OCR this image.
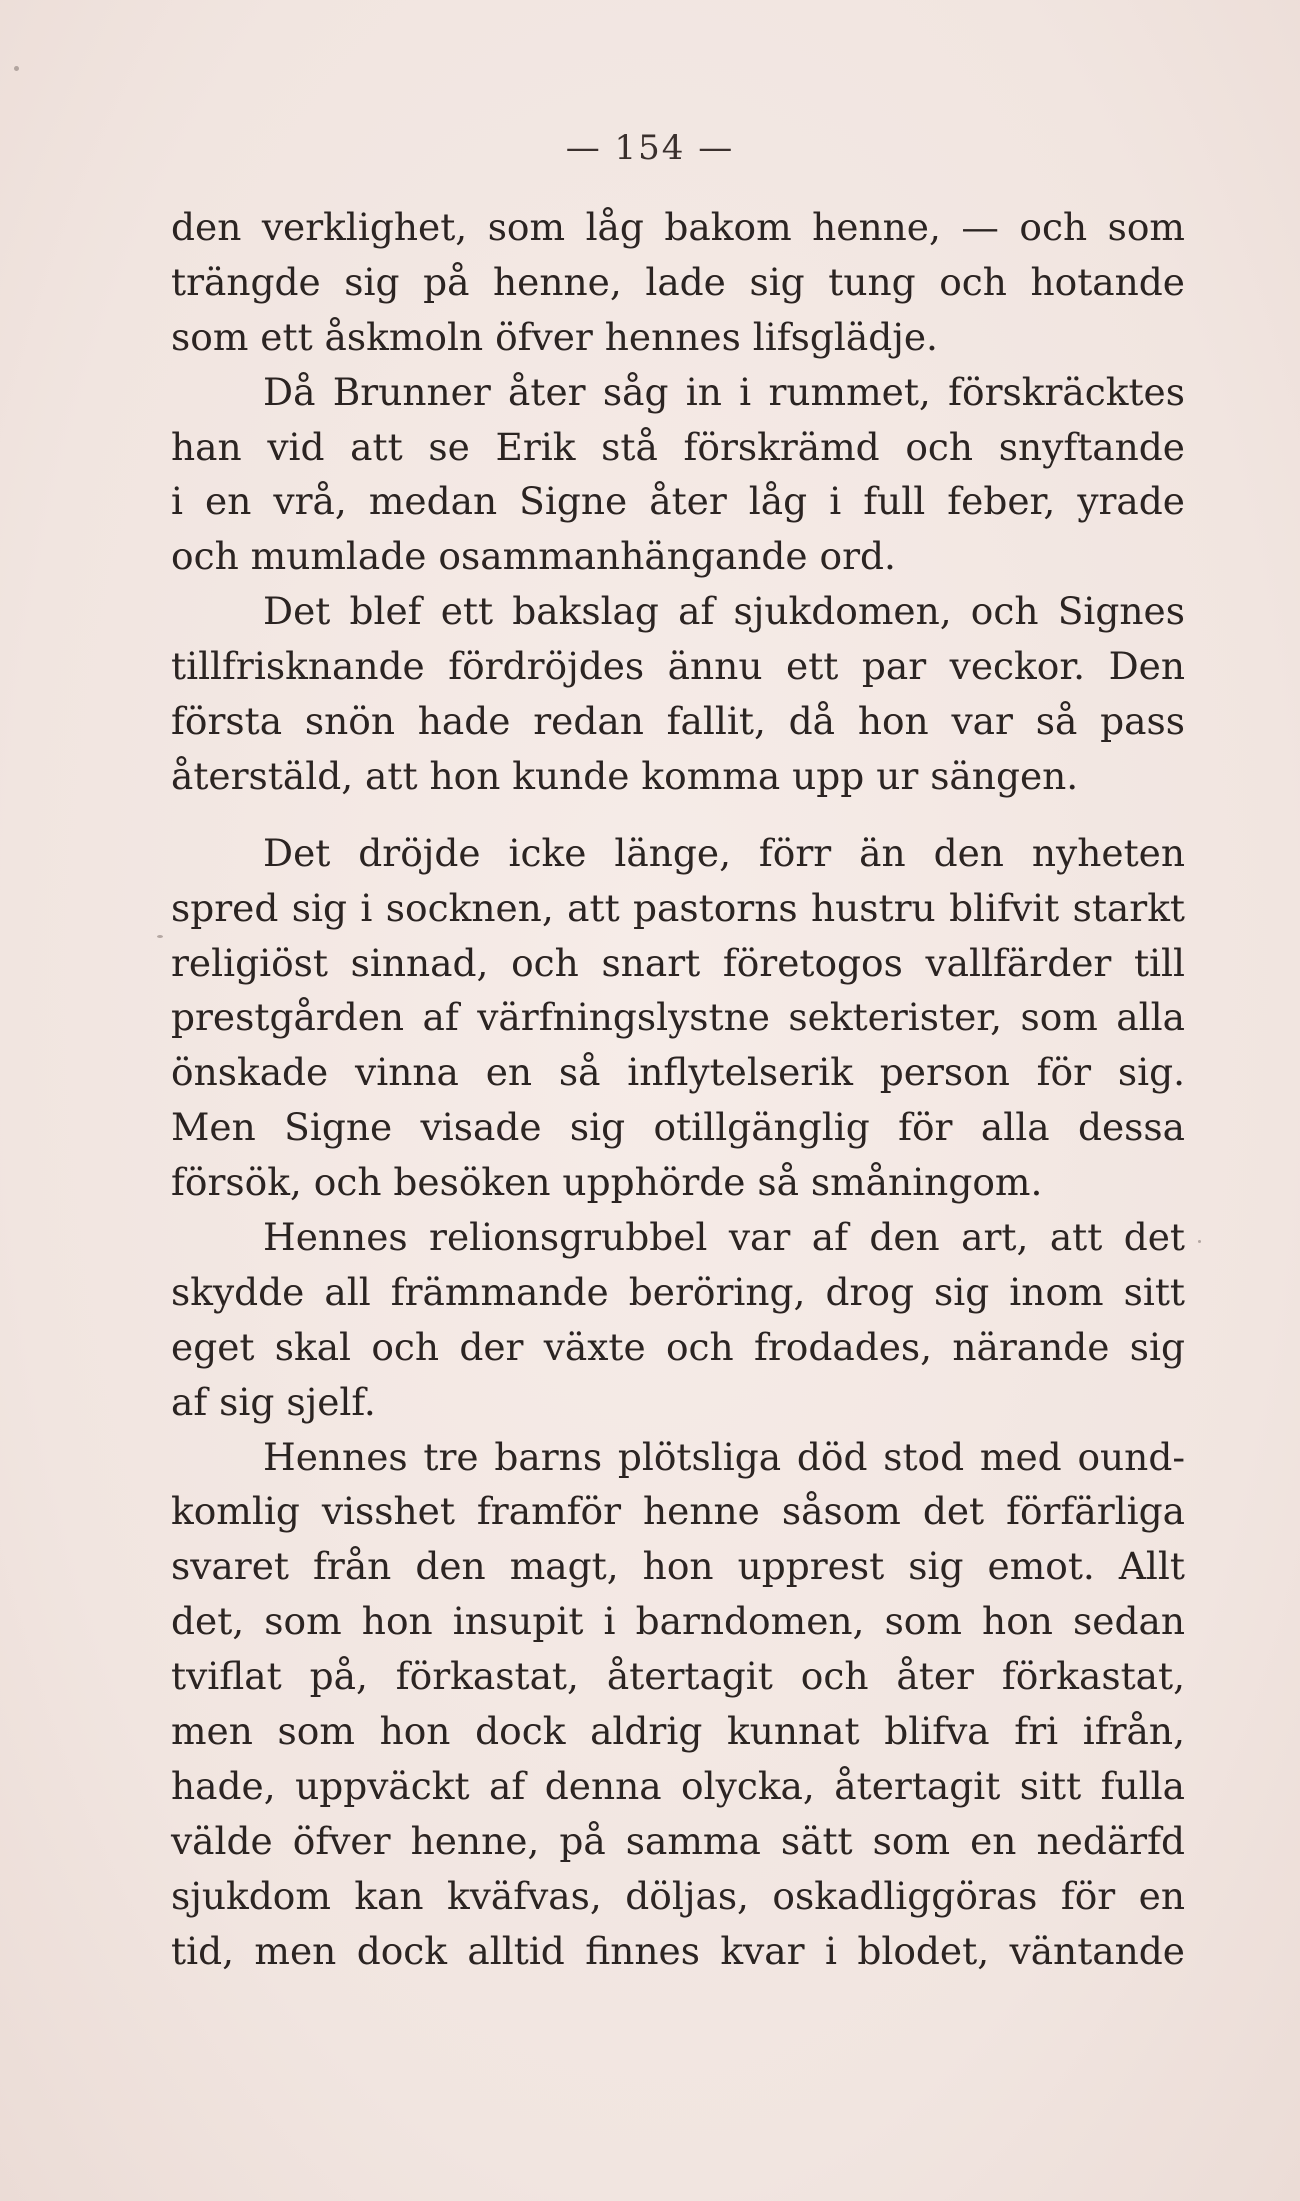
— 154 —
den verklighet, som låg bakom henne, — och som
trängde sig på henne, lade sig tung och hotande
som ett åskmoln öfver hennes lifsglädje.
Då Brunner åter såg in i rummet, förskräcktes
han vid att se Erik stå förskrämd och snyftande
i en vrå, medan Signe åter låg i full feber, yrade
och mumlade osammanhängande ord.
Det blef ett bakslag af sjukdomen, och Signes
tillfrisknande fördröjdes ännu ett par veckor. Den
första snön hade redan fallit, då hon var så pass
återstäld, att hon kunde komma upp ur sängen.
Det dröjde icke länge, förr än den nyheten
spred sig i socknen, att pastorns hustru blifvit starkt
religiöst sinnad, och snart företogos vallfärder till
prestgården af värfningslystne sekterister, som alla
önskade vinna en så inflytelserik person för sig.
Men Signe visade sig otillgänglig för alla dessa
försök, och besöken upphörde så småningom.
Hennes relionsgrubbel var af den art, att det
skydde all främmande beröring, drog sig inom sitt
eget skal och der växte och frodades, närande sig
af sig sjelf.
Hennes tre barns plötsliga död stod med ound-
komlig visshet framför henne såsom det förfärliga
svaret från den magt, hon upprest sig emot. Allt
det, som hon insupit i barndomen, som hon sedan
tviflat på, förkastat, återtagit och åter förkastat,
men som hon dock aldrig kunnat blifva fri ifrån,
hade, uppväckt af denna olycka, återtagit sitt fulla
välde öfver henne, på samma sätt som en nedärfd
sjukdom kan kväfvas, döljas, oskadliggöras för en
tid, men dock alltid finnes kvar i blodet, väntande
